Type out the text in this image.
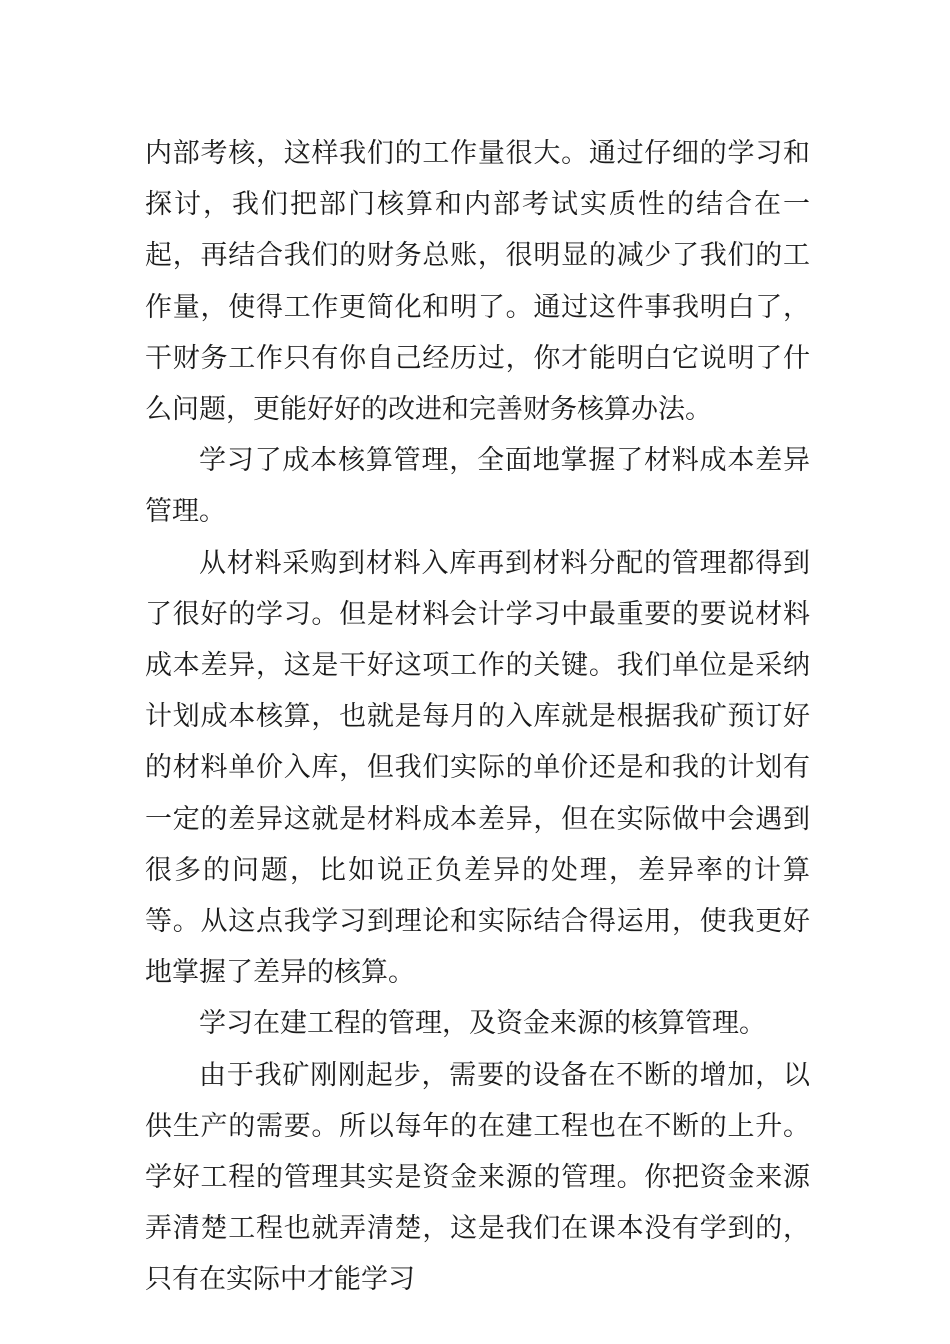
内部考核，这样我们的工作量很大。通过仔细的学习和探讨，我们把部门核算和内部考试实质性的结合在一起，再结合我们的财务总账，很明显的减少了我们的工作量，使得工作更简化和明了。通过这件事我明白了，干财务工作只有你自己经历过，你才能明白它说明了什么问题，更能好好的改进和完善财务核算办法。

学习了成本核算管理，全面地掌握了材料成本差异管理。

从材料采购到材料入库再到材料分配的管理都得到了很好的学习。但是材料会计学习中最重要的要说材料成本差异，这是干好这项工作的关键。我们单位是采纳计划成本核算，也就是每月的入库就是根据我矿预订好的材料单价入库，但我们实际的单价还是和我的计划有一定的差异这就是材料成本差异，但在实际做中会遇到很多的问题，比如说正负差异的处理，差异率的计算等。从这点我学习到理论和实际结合得运用，使我更好地掌握了差异的核算。

学习在建工程的管理，及资金来源的核算管理。

由于我矿刚刚起步，需要的设备在不断的增加，以供生产的需要。所以每年的在建工程也在不断的上升。学好工程的管理其实是资金来源的管理。你把资金来源弄清楚工程也就弄清楚，这是我们在课本没有学到的，只有在实际中才能学习
